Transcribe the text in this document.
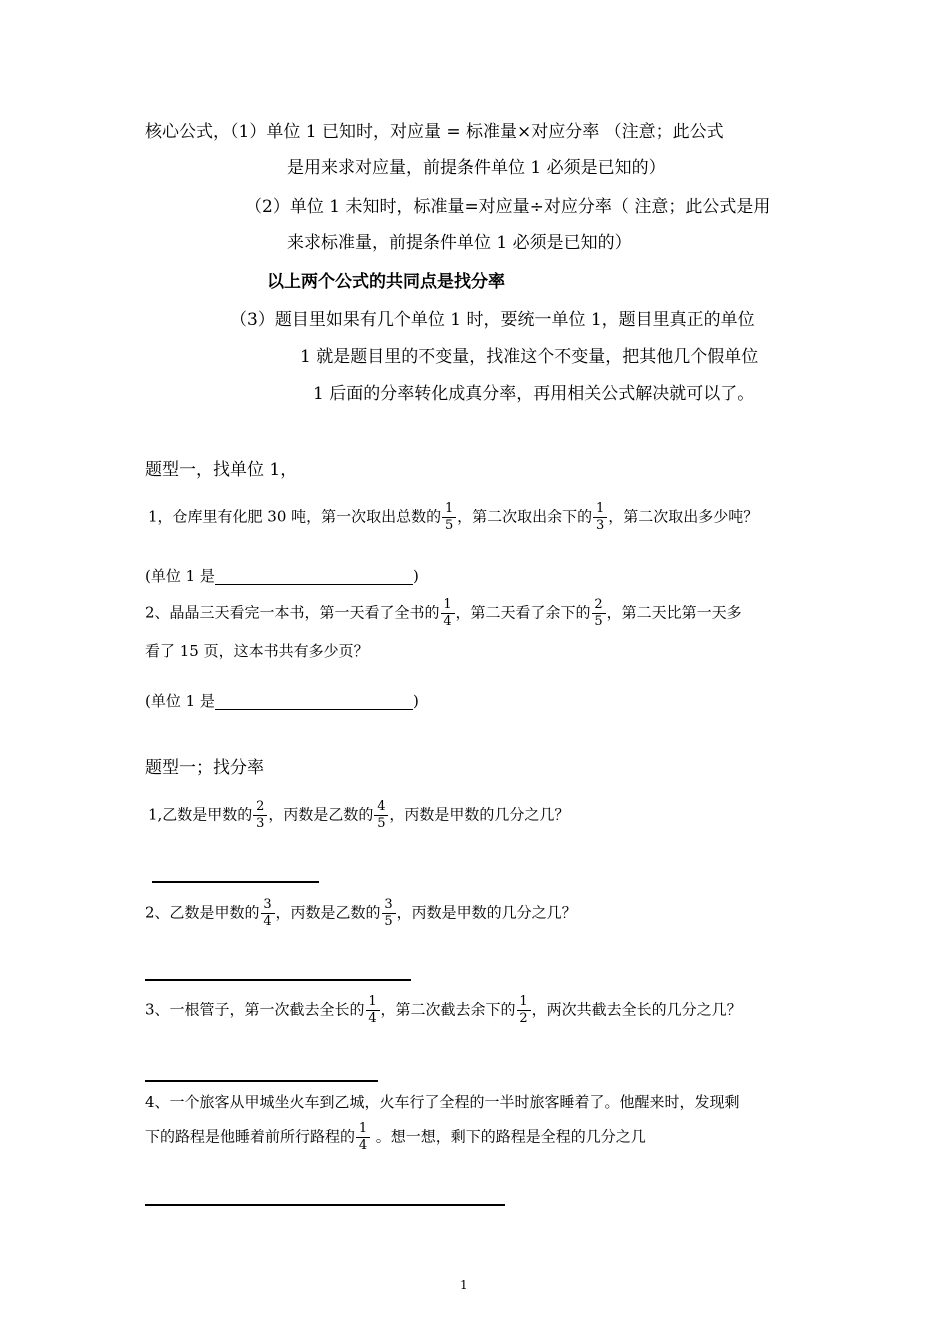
核心公式，（1）单位 1 已知时，对应量 = 标准量×对应分率 （注意；此公式
是用来求对应量，前提条件单位 1 必须是已知的）
（2）单位 1 未知时，标准量=对应量÷对应分率（ 注意；此公式是用
来求标准量，前提条件单位 1 必须是已知的）
以上两个公式的共同点是找分率
（3）题目里如果有几个单位 1 时，要统一单位 1，题目里真正的单位
1 就是题目里的不变量，找准这个不变量，把其他几个假单位
1 后面的分率转化成真分率，再用相关公式解决就可以了。
题型一，找单位 1，
1，仓库里有化肥 30 吨，第一次取出总数的 $\frac{1}{5}$ ，第二次取出余下的 $\frac{1}{3}$ ，第二次取出多少吨？
(单位 1 是	)
2、晶晶三天看完一本书，第一天看了全书的 $\frac{1}{4}$ ，第二天看了余下的 $\frac{2}{5}$ ，第二天比第一天多
看了 15 页，这本书共有多少页？
(单位 1 是	)
题型一；找分率
1,乙数是甲数的 $\frac{2}{3}$ ，丙数是乙数的 $\frac{4}{5}$ ，丙数是甲数的几分之几？
2、乙数是甲数的 $\frac{3}{4}$ ，丙数是乙数的 $\frac{3}{5}$ ，丙数是甲数的几分之几？
3、一根管子，第一次截去全长的 $\frac{1}{4}$ ，第二次截去余下的 $\frac{1}{2}$ ，两次共截去全长的几分之几？
4、一个旅客从甲城坐火车到乙城，火车行了全程的一半时旅客睡着了。他醒来时，发现剩
下的路程是他睡着前所行路程的 $\frac{1}{4}$ 。想一想，剩下的路程是全程的几分之几
1
